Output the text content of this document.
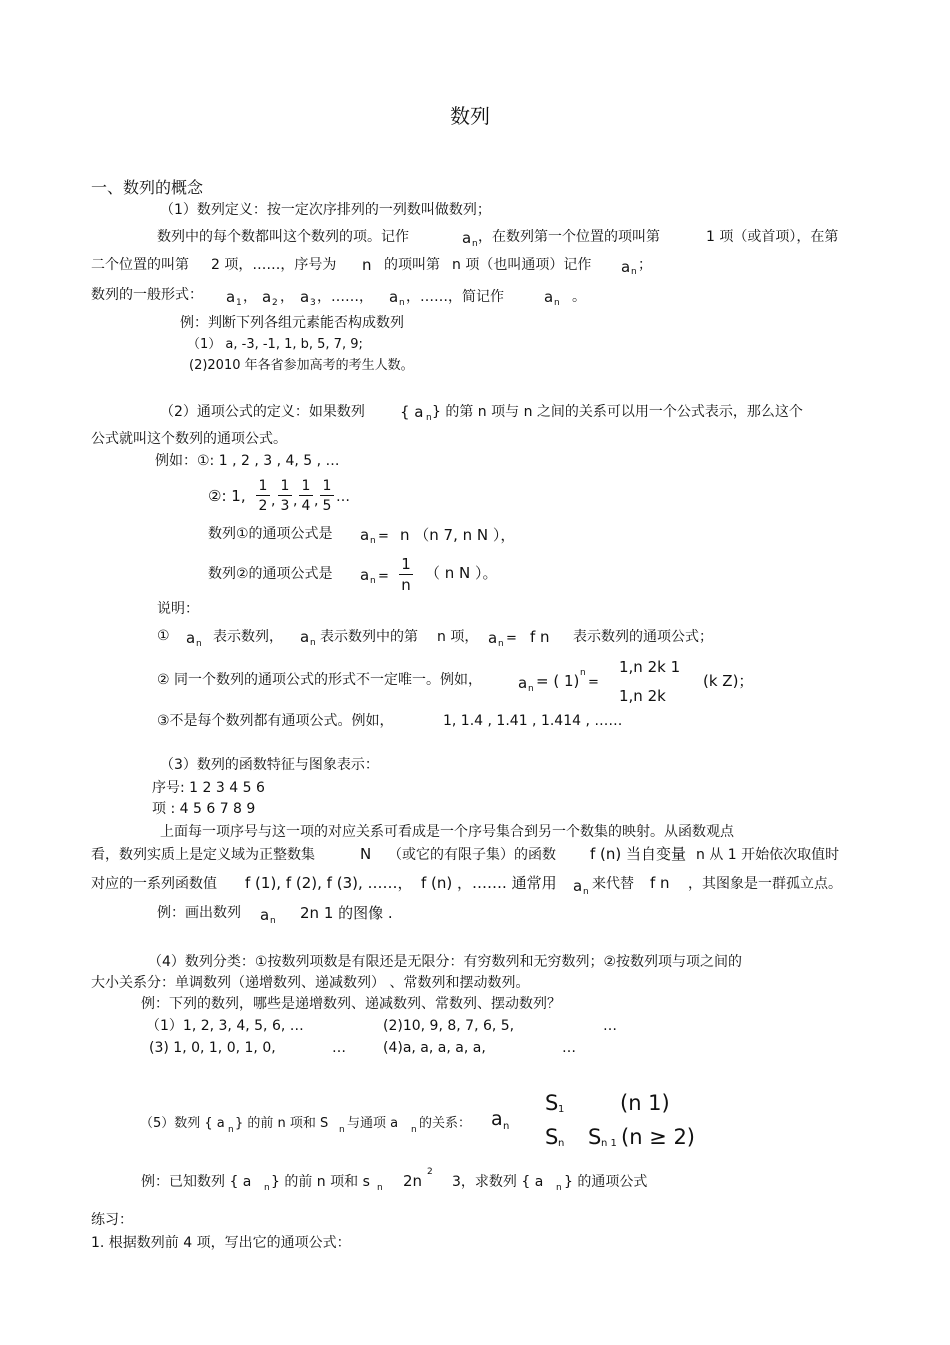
数列
一、数列的概念
（1）数列定义：按一定次序排列的一列数叫做数列；
数列中的每个数都叫这个数列的项。记作	a n ，在数列第一个位置的项叫第	1 项（或首项），在第
二个位置的叫第 2 项，……，序号为 n 的项叫第 n 项（也叫通项）记作 a n ；
数列的一般形式： a 1 ， a 2 ， a 3 ，……， a n ，……，简记作	a n 。
例：判断下列各组元素能否构成数列
（1） a, -3, -1, 1, b, 5, 7, 9;
(2)2010 年各省参加高考的考生人数。
（2）通项公式的定义：如果数列 { a n } 的第 n 项与 n 之间的关系可以用一个公式表示，那么这个
公式就叫这个数列的通项公式。
例如：①: 1 , 2 , 3 , 4, 5 , …
②: 1, $\frac{1}{2}$ , $\frac{1}{3}$ , $\frac{1}{4}$ , $\frac{1}{5}$ …
数列①的通项公式是 a n = n （n 7, n N ），
数列②的通项公式是 a $n = \frac{1}{n}$ （ n N ）。
说明：
① a n 表示数列， a n 表示数列中的第 n 项， a n = f n 表示数列的通项公式；
② 同一个数列的通项公式的形式不一定唯一。例如， a n = ( 1) n
=
1,n 2k 1
1,n 2k
(k Z)；
③不是每个数列都有通项公式。例如，	1, 1.4 , 1.41 , 1.414 , ……
（3）数列的函数特征与图象表示：
序号: 1 2 3 4 5 6
项 : 4 5 6 7 8 9
上面每一项序号与这一项的对应关系可看成是一个序号集合到另一个数集的映射。从函数观点
看，数列实质上是定义域为正整数集	N （或它的有限子集）的函数 f (n) 当自变量 n 从 1 开始依次取值时
对应的一系列函数值 f (1), f (2), f (3), ……， f (n) ，……. 通常用 a n 来代替 f n ，其图象是一群孤立点。
例：画出数列 a n 2n 1 的图像 .
（4）数列分类：①按数列项数是有限还是无限分：有穷数列和无穷数列；②按数列项与项之间的
大小关系分：单调数列（递增数列、递减数列） 、常数列和摆动数列。
例：下列的数列，哪些是递增数列、递减数列、常数列、摆动数列？
（1）1, 2, 3, 4, 5, 6, …	(2)10, 9, 8, 7, 6, 5,	…
(3) 1, 0, 1, 0, 1, 0,	…	(4)a, a, a, a, a,	…
（5）数列 { a n } 的前 n 项和 S n 与通项 a n 的关系： a n
S 1	(n 1)
S n S n 1 (n ≥ 2)
例：已知数列 { a n } 的前 n 项和 s n 2n 2
3，求数列 { a n } 的通项公式
练习：
1. 根据数列前 4 项，写出它的通项公式：
